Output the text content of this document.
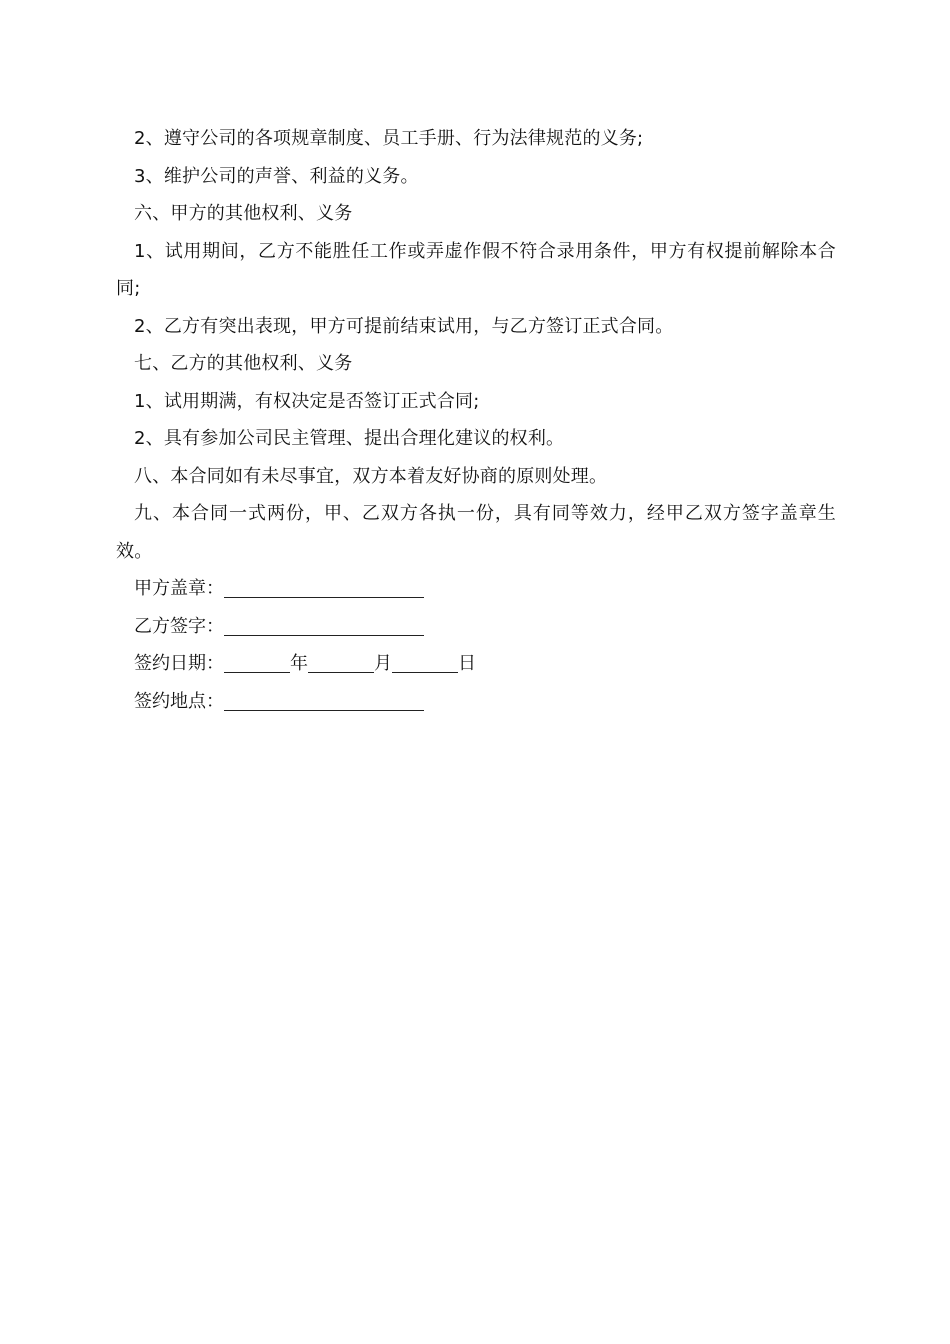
2、遵守公司的各项规章制度、员工手册、行为法律规范的义务;

3、维护公司的声誉、利益的义务。

六、甲方的其他权利、义务

1、试用期间，乙方不能胜任工作或弄虚作假不符合录用条件，甲方有权提前解除本合同;

2、乙方有突出表现，甲方可提前结束试用，与乙方签订正式合同。

七、乙方的其他权利、义务

1、试用期满，有权决定是否签订正式合同;

2、具有参加公司民主管理、提出合理化建议的权利。

八、本合同如有未尽事宜，双方本着友好协商的原则处理。

九、本合同一式两份，甲、乙双方各执一份，具有同等效力，经甲乙双方签字盖章生效。

甲方盖章：
乙方签字：
签约日期：	年	月	日
签约地点：
